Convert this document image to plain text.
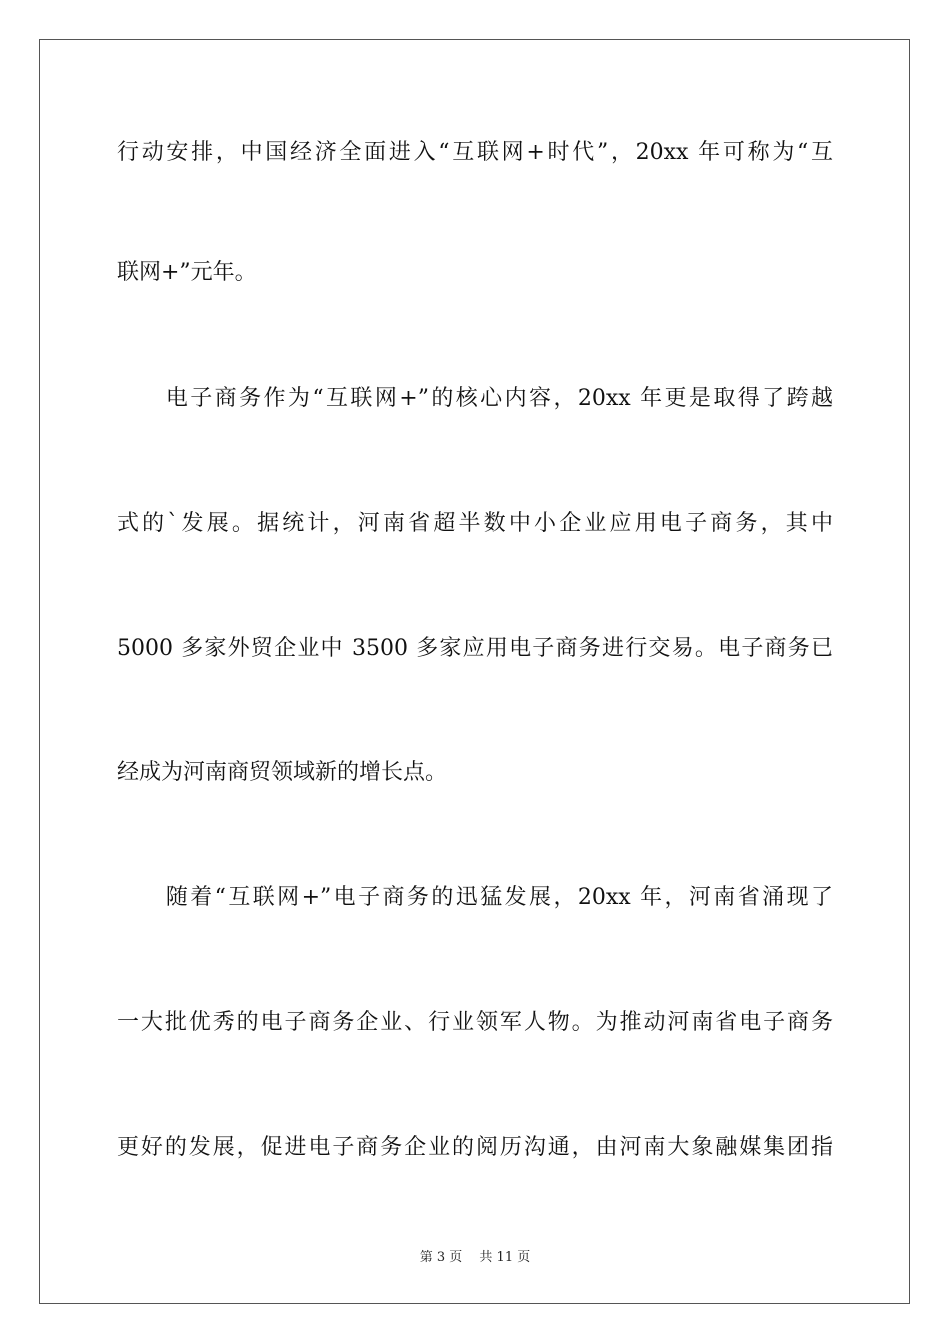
行动安排，中国经济全面进入“互联网+时代”，20xx 年可称为“互
联网+”元年。
　　电子商务作为“互联网+”的核心内容，20xx 年更是取得了跨越
式的`发展。据统计，河南省超半数中小企业应用电子商务，其中
5000 多家外贸企业中 3500 多家应用电子商务进行交易。电子商务已
经成为河南商贸领域新的增长点。
　　随着“互联网+”电子商务的迅猛发展，20xx 年，河南省涌现了
一大批优秀的电子商务企业、行业领军人物。为推动河南省电子商务
更好的发展，促进电子商务企业的阅历沟通，由河南大象融媒集团指
第 3 页　 共 11 页
